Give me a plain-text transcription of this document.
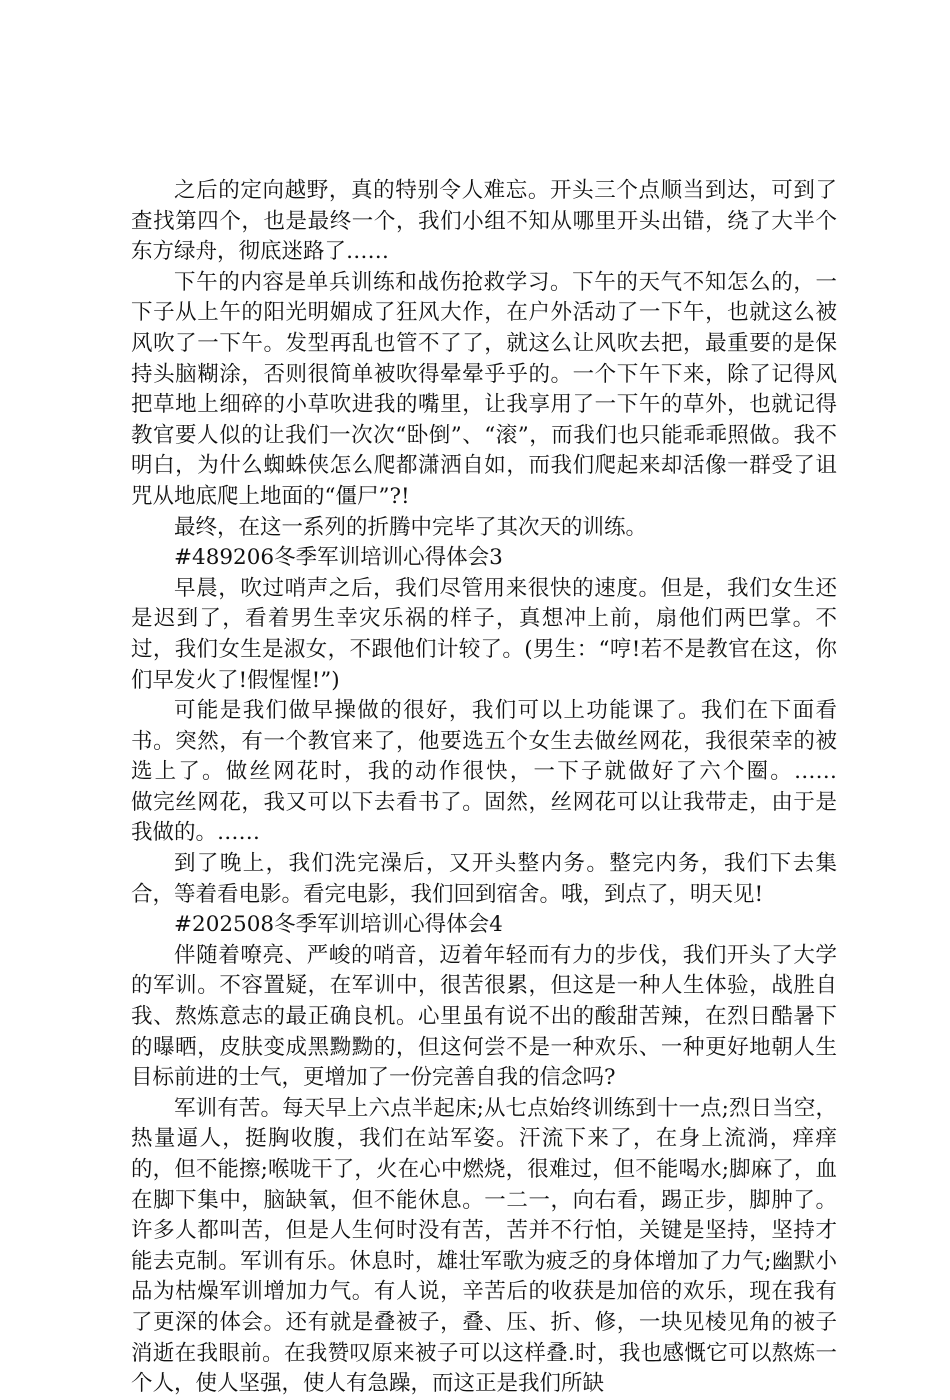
之后的定向越野，真的特别令人难忘。开头三个点顺当到达，可到了查找第四个，也是最终一个，我们小组不知从哪里开头出错，绕了大半个东方绿舟，彻底迷路了……

下午的内容是单兵训练和战伤抢救学习。下午的天气不知怎么的，一下子从上午的阳光明媚成了狂风大作，在户外活动了一下午，也就这么被风吹了一下午。发型再乱也管不了了，就这么让风吹去把，最重要的是保持头脑糊涂，否则很简单被吹得晕晕乎乎的。一个下午下来，除了记得风把草地上细碎的小草吹进我的嘴里，让我享用了一下午的草外，也就记得教官要人似的让我们一次次“卧倒”、“滚”，而我们也只能乖乖照做。我不明白，为什么蜘蛛侠怎么爬都潇洒自如，而我们爬起来却活像一群受了诅咒从地底爬上地面的“僵尸”?!

最终，在这一系列的折腾中完毕了其次天的训练。

#489206冬季军训培训心得体会3

早晨，吹过哨声之后，我们尽管用来很快的速度。但是，我们女生还是迟到了，看着男生幸灾乐祸的样子，真想冲上前，扇他们两巴掌。不过，我们女生是淑女，不跟他们计较了。(男生：“哼!若不是教官在这，你们早发火了!假惺惺!”)

可能是我们做早操做的很好，我们可以上功能课了。我们在下面看书。突然，有一个教官来了，他要选五个女生去做丝网花，我很荣幸的被选上了。做丝网花时，我的动作很快，一下子就做好了六个圈。……　　做完丝网花，我又可以下去看书了。固然，丝网花可以让我带走，由于是我做的。……

到了晚上，我们洗完澡后，又开头整内务。整完内务，我们下去集合，等着看电影。看完电影，我们回到宿舍。哦，到点了，明天见!

#202508冬季军训培训心得体会4

伴随着嘹亮、严峻的哨音，迈着年轻而有力的步伐，我们开头了大学的军训。不容置疑，在军训中，很苦很累，但这是一种人生体验，战胜自我、熬炼意志的最正确良机。心里虽有说不出的酸甜苦辣，在烈日酷暑下的曝晒，皮肤变成黑黝黝的，但这何尝不是一种欢乐、一种更好地朝人生目标前进的士气，更增加了一份完善自我的信念吗?

军训有苦。每天早上六点半起床;从七点始终训练到十一点;烈日当空，热量逼人，挺胸收腹，我们在站军姿。汗流下来了，在身上流淌，痒痒的，但不能擦;喉咙干了，火在心中燃烧，很难过，但不能喝水;脚麻了，血在脚下集中，脑缺氧，但不能休息。一二一，向右看，踢正步，脚肿了。许多人都叫苦，但是人生何时没有苦，苦并不行怕，关键是坚持，坚持才能去克制。军训有乐。休息时，雄壮军歌为疲乏的身体增加了力气;幽默小品为枯燥军训增加力气。有人说，辛苦后的收获是加倍的欢乐，现在我有了更深的体会。还有就是叠被子，叠、压、折、修，一块见棱见角的被子消逝在我眼前。在我赞叹原来被子可以这样叠.时，我也感慨它可以熬炼一个人，使人坚强，使人有急躁，而这正是我们所缺
